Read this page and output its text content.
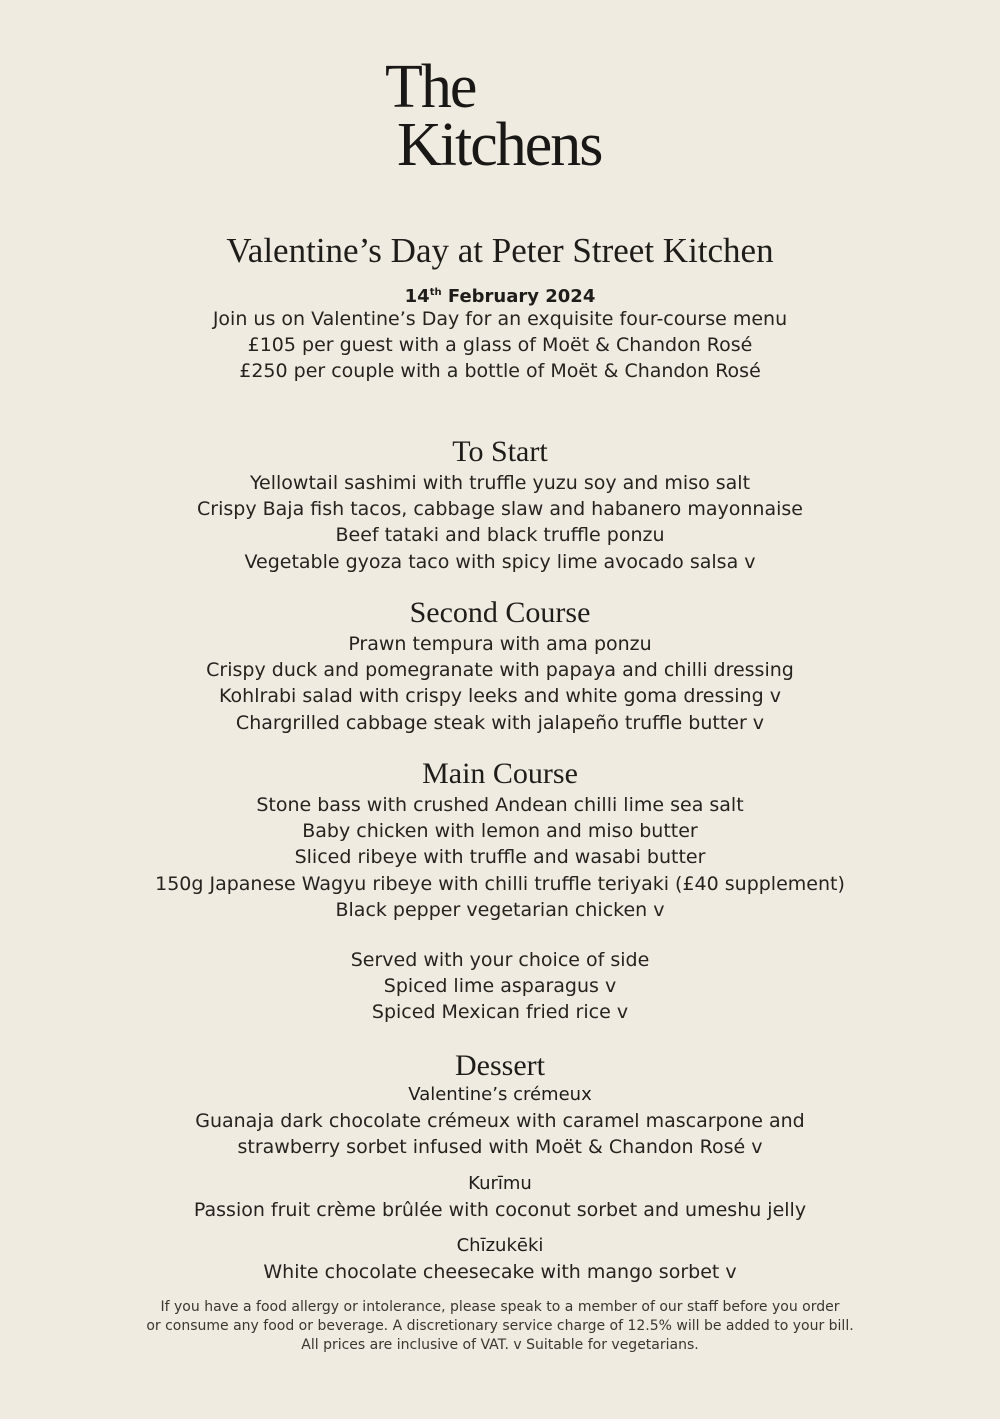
The
Kitchens
Valentine’s Day at Peter Street Kitchen
14th February 2024
Join us on Valentine’s Day for an exquisite four-course menu
£105 per guest with a glass of Moët & Chandon Rosé
£250 per couple with a bottle of Moët & Chandon Rosé
To Start
Yellowtail sashimi with truffle yuzu soy and miso salt
Crispy Baja fish tacos, cabbage slaw and habanero mayonnaise
Beef tataki and black truffle ponzu
Vegetable gyoza taco with spicy lime avocado salsa v
Second Course
Prawn tempura with ama ponzu
Crispy duck and pomegranate with papaya and chilli dressing
Kohlrabi salad with crispy leeks and white goma dressing v
Chargrilled cabbage steak with jalapeño truffle butter v
Main Course
Stone bass with crushed Andean chilli lime sea salt
Baby chicken with lemon and miso butter
Sliced ribeye with truffle and wasabi butter
150g Japanese Wagyu ribeye with chilli truffle teriyaki (£40 supplement)
Black pepper vegetarian chicken v
Served with your choice of side
Spiced lime asparagus v
Spiced Mexican fried rice v
Dessert
Valentine’s crémeux
Guanaja dark chocolate crémeux with caramel mascarpone and
strawberry sorbet infused with Moët & Chandon Rosé v
Kurīmu
Passion fruit crème brûlée with coconut sorbet and umeshu jelly
Chīzukēki
White chocolate cheesecake with mango sorbet v
If you have a food allergy or intolerance, please speak to a member of our staff before you order
or consume any food or beverage. A discretionary service charge of 12.5% will be added to your bill.
All prices are inclusive of VAT. v Suitable for vegetarians.
